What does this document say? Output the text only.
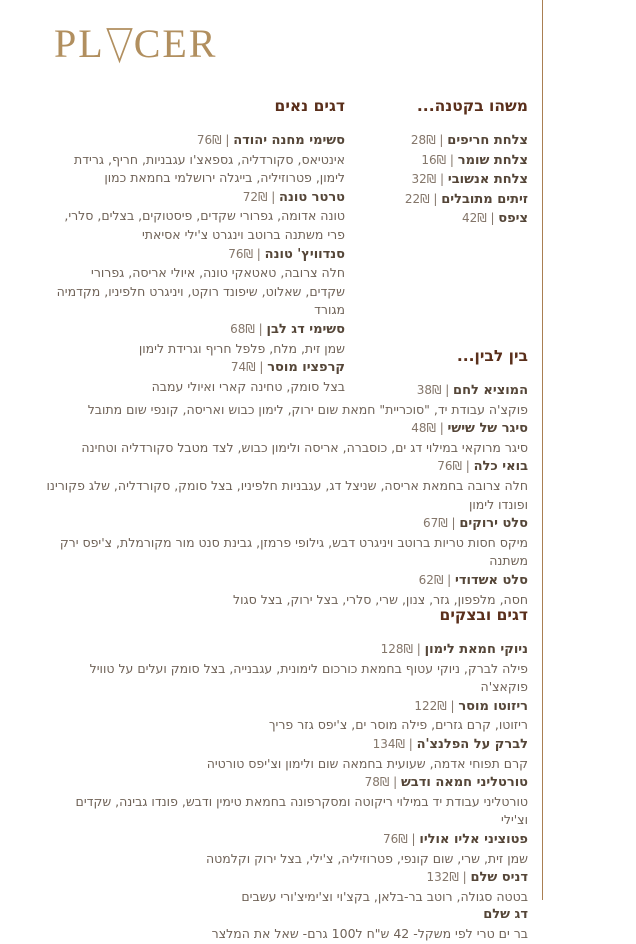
PL CER
משהו בקטנה...
צלחת חריפים | 28₪
צלחת שומר | 16₪
צלחת אנשובי | 32₪
זיתים מתובלים | 22₪
ציפס | 42₪
דגים נאים
סשימי מחנה יהודה | 76₪
אינטיאס, סקורדליה, גספאצ'ו עגבניות, חריף, גרידת לימון, פטרוזיליה, בייגלה ירושלמי בחמאת כמון
טרטר טונה | 72₪
טונה אדומה, גפרורי שקדים, פיסטוקים, בצלים, סלרי, פרי משתנה ברוטב וינגרט צ'ילי אסיאתי
סנדוויץ' טונה | 76₪
חלה צרובה, טאטאקי טונה, איולי אריסה, גפרורי שקדים, שאלוט, שיפונד רוקט, ויניגרט חלפיניו, מקדמיה מגורד
סשימי דג לבן | 68₪
שמן זית, מלח, פלפל חריף וגרידת לימון
קרפציו מוסר | 74₪
בצל סומק, טחינה קארי ואיולי עמבה
בין לבין...
המוציא לחם | 38₪
פוקצ'ה עבודת יד, "סוכריית" חמאת שום ירוק, לימון כבוש ואריסה, קונפי שום מתובל
סיגר של שישי | 48₪
סיגר מרוקאי במילוי דג ים, כוסברה, אריסה ולימון כבוש, לצד מטבל סקורדליה וטחינה
בואי כלה | 76₪
חלה צרובה בחמאת אריסה, שניצל דג, עגבניות חלפיניו, בצל סומק, סקורדליה, שלג פקורינו ופונדו לימון
סלט ירוקים | 67₪
מיקס חסות טריות ברוטב ויניגרט דבש, גילופי פרמזן, גבינת סנט מור מקורמלת, צ'יפס ירק משתנה
סלט אשדודי | 62₪
חסה, מלפפון, גזר, צנון, שרי, סלרי, בצל ירוק, בצל סגול
דגים ובצקים
ניוקי חמאת לימון | 128₪
פילה לברק, ניוקי עטוף בחמאת כורכום לימונית, עגבנייה, בצל סומק ועלים על טוויל פוקאצ'ה
ריזוטו מוסר | 122₪
ריזוטו, קרם גזרים, פילה מוסר ים, צ'יפס גזר פריך
לברק על הפלנצ'ה | 134₪
קרם תפוחי אדמה, שעועית בחמאה שום ולימון וצ'יפס טורטיה
טורטליני חמאה ודבש | 78₪
טורטליני עבודת יד במילוי ריקוטה ומסקרפונה בחמאת טימין ודבש, פונדו גבינה, שקדים וצ'ילי
פטוציני אליו אוליו | 76₪
שמן זית, שרי, שום קונפי, פטרוזיליה, צ'ילי, בצל ירוק וקלמטה
דניס שלם | 132₪
בטטה סגולה, רוטב בר-בלאן, בקצ'וי וצ'ימיצ'ורי עשבים
דג שלם
בר ים טרי לפי משקל- 42 ש"ח ל100 גרם- שאל את המלצר
